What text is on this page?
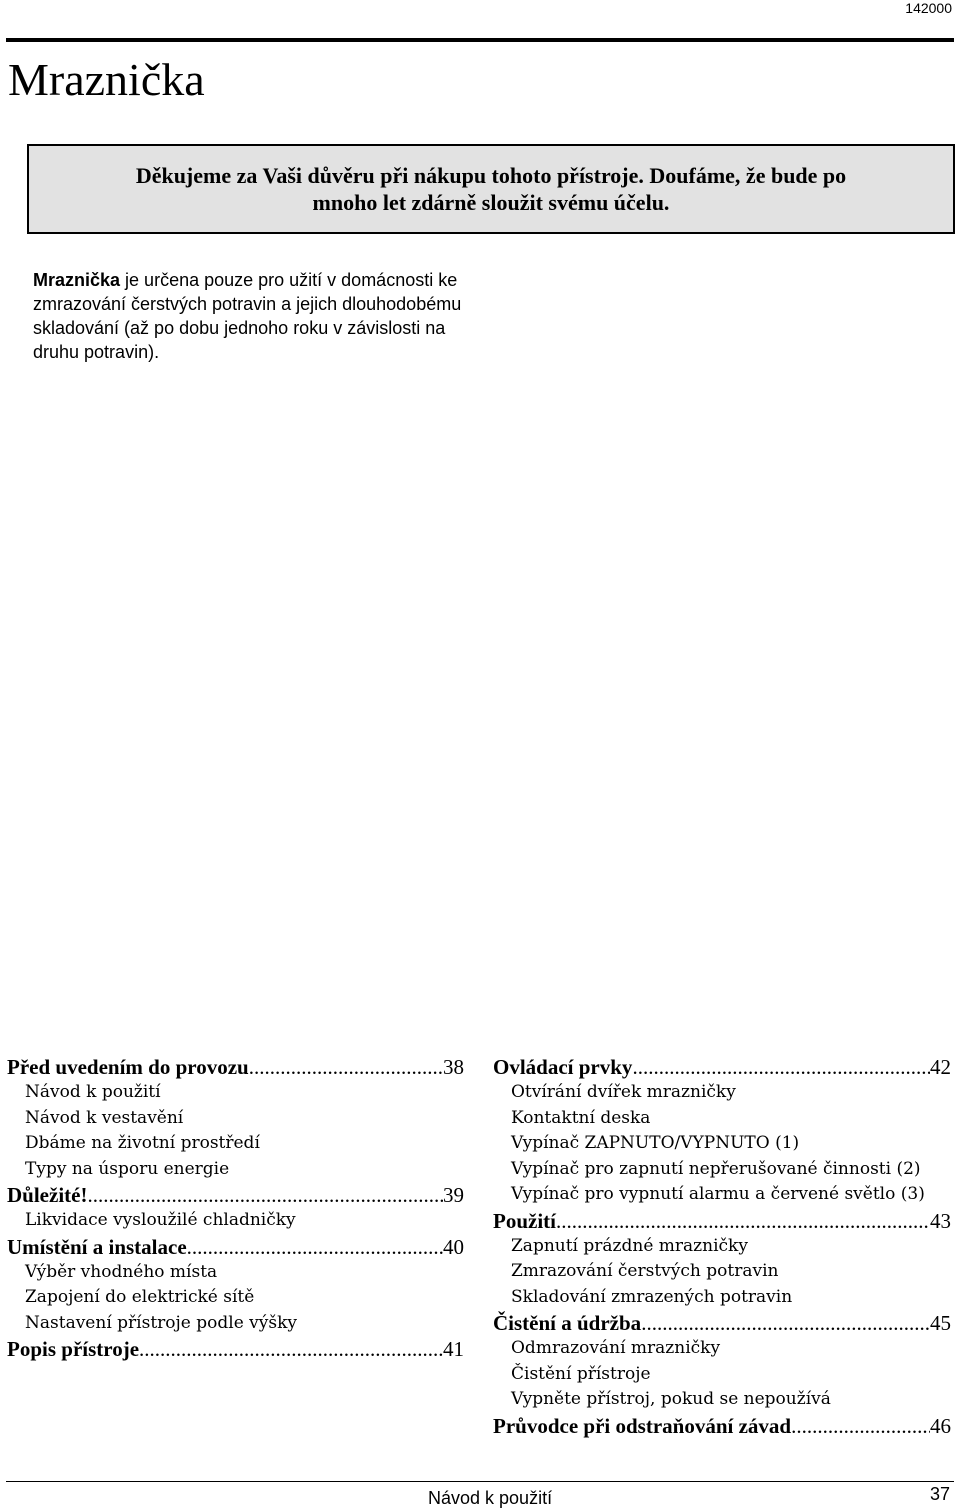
142000
Mraznička
Děkujeme za Vaši důvěru při nákupu tohoto přístroje. Doufáme, že bude po mnoho let zdárně sloužit svému účelu.
Mraznička je určena pouze pro užití v domácnosti ke zmrazování čerstvých potravin a jejich dlouhodobému skladování (až po dobu jednoho roku v závislosti na druhu potravin).
Před uvedením do provozu .....	38
Návod k použití
Návod k vestavění
Dbáme na životní prostředí
Typy na úsporu energie
Důležité! .....	39
Likvidace vysloužilé chladničky
Umístění a instalace .....	40
Výběr vhodného místa
Zapojení do elektrické sítě
Nastavení přístroje podle výšky
Popis přístroje .....	41
Ovládací prvky .....	42
Otvírání dvířek mrazničky
Kontaktní deska
Vypínač ZAPNUTO/VYPNUTO (1)
Vypínač pro zapnutí nepřerušované činnosti (2)
Vypínač pro vypnutí alarmu a červené světlo (3)
Použití .....	43
Zapnutí prázdné mrazničky
Zmrazování čerstvých potravin
Skladování zmrazených potravin
Čistění a údržba .....	45
Odmrazování mrazničky
Čistění přístroje
Vypněte přístroj, pokud se nepoužívá
Průvodce při odstraňování závad .....	46
Návod k použití	37
